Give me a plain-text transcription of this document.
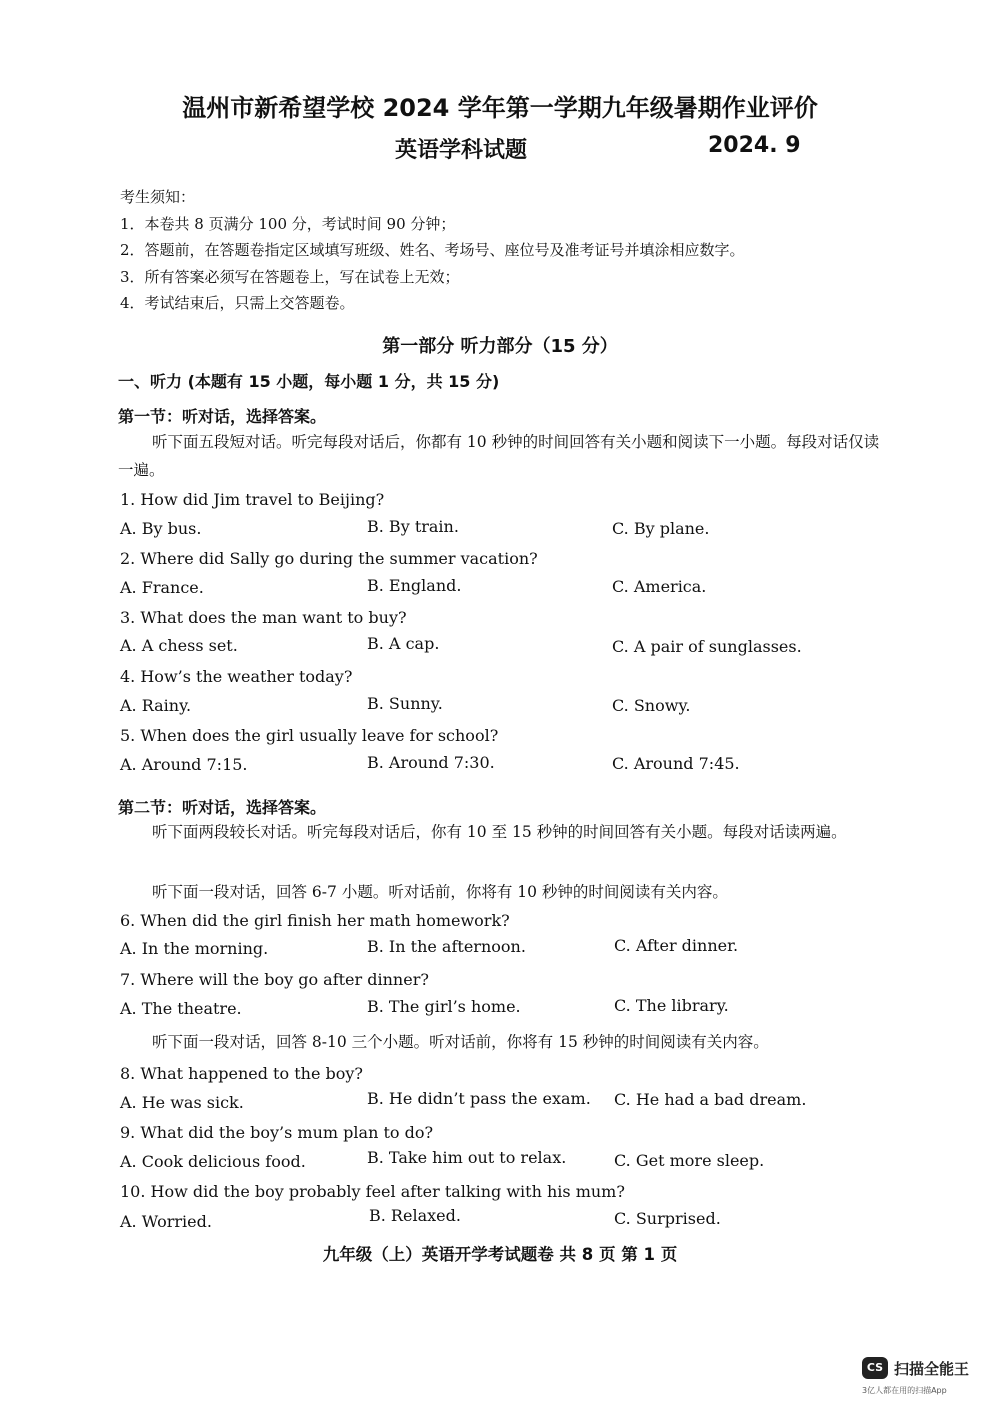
温州市新希望学校 2024 学年第一学期九年级暑期作业评价
英语学科试题	2024. 9
考生须知：
1．本卷共 8 页满分 100 分，考试时间 90 分钟；
2．答题前，在答题卷指定区域填写班级、姓名、考场号、座位号及准考证号并填涂相应数字。
3．所有答案必须写在答题卷上，写在试卷上无效；
4．考试结束后，只需上交答题卷。
第一部分 听力部分（15 分）
一、听力 (本题有 15 小题，每小题 1 分，共 15 分)
第一节：听对话，选择答案。
听下面五段短对话。听完每段对话后，你都有 10 秒钟的时间回答有关小题和阅读下一小题。每段对话仅读一遍。
1. How did Jim travel to Beijing?
A. By bus.	B. By train.	C. By plane.
2. Where did Sally go during the summer vacation?
A. France.	B. England.	C. America.
3. What does the man want to buy?
A. A chess set.	B. A cap.	C. A pair of sunglasses.
4. How’s the weather today?
A. Rainy.	B. Sunny.	C. Snowy.
5. When does the girl usually leave for school?
A. Around 7:15.	B. Around 7:30.	C. Around 7:45.
第二节：听对话，选择答案。
听下面两段较长对话。听完每段对话后，你有 10 至 15 秒钟的时间回答有关小题。每段对话读两遍。
听下面一段对话，回答 6-7 小题。听对话前，你将有 10 秒钟的时间阅读有关内容。
6. When did the girl finish her math homework?
A. In the morning.	B. In the afternoon.	C. After dinner.
7. Where will the boy go after dinner?
A. The theatre.	B. The girl’s home.	C. The library.
听下面一段对话，回答 8-10 三个小题。听对话前，你将有 15 秒钟的时间阅读有关内容。
8. What happened to the boy?
A. He was sick.	B. He didn’t pass the exam. C. He had a bad dream.
9. What did the boy’s mum plan to do?
A. Cook delicious food.	B. Take him out to relax.	C. Get more sleep.
10. How did the boy probably feel after talking with his mum?
A. Worried.	B. Relaxed.	C. Surprised.
九年级（上）英语开学考试题卷 共 8 页 第 1 页
CS 扫描全能王
3亿人都在用的扫描App
